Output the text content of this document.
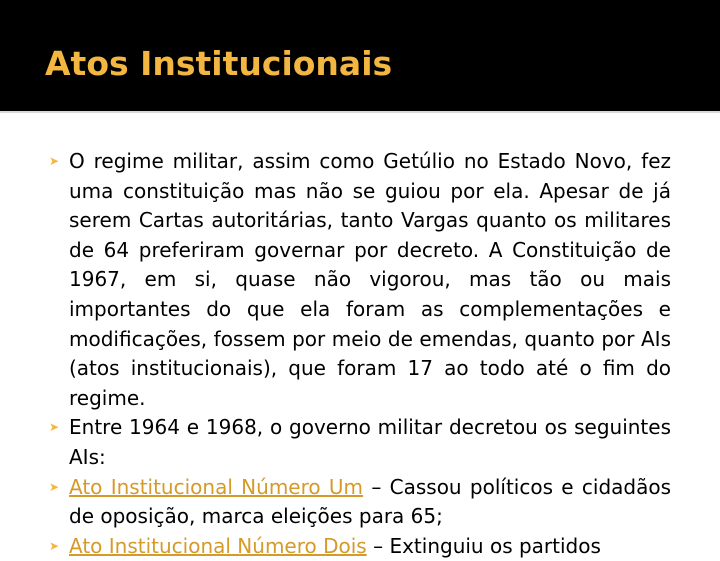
Atos Institucionais
➤ O regime militar, assim como Getúlio no Estado Novo, fez uma constituição mas não se guiou por ela. Apesar de já serem Cartas autoritárias, tanto Vargas quanto os militares de 64 preferiram governar por decreto. A Constituição de 1967, em si, quase não vigorou, mas tão ou mais importantes do que ela foram as complementações e modificações, fossem por meio de emendas, quanto por AIs (atos institucionais), que foram 17 ao todo até o fim do regime.
➤ Entre 1964 e 1968, o governo militar decretou os seguintes AIs:
➤ Ato Institucional Número Um – Cassou políticos e cidadãos de oposição, marca eleições para 65;
➤ Ato Institucional Número Dois – Extinguiu os partidos
